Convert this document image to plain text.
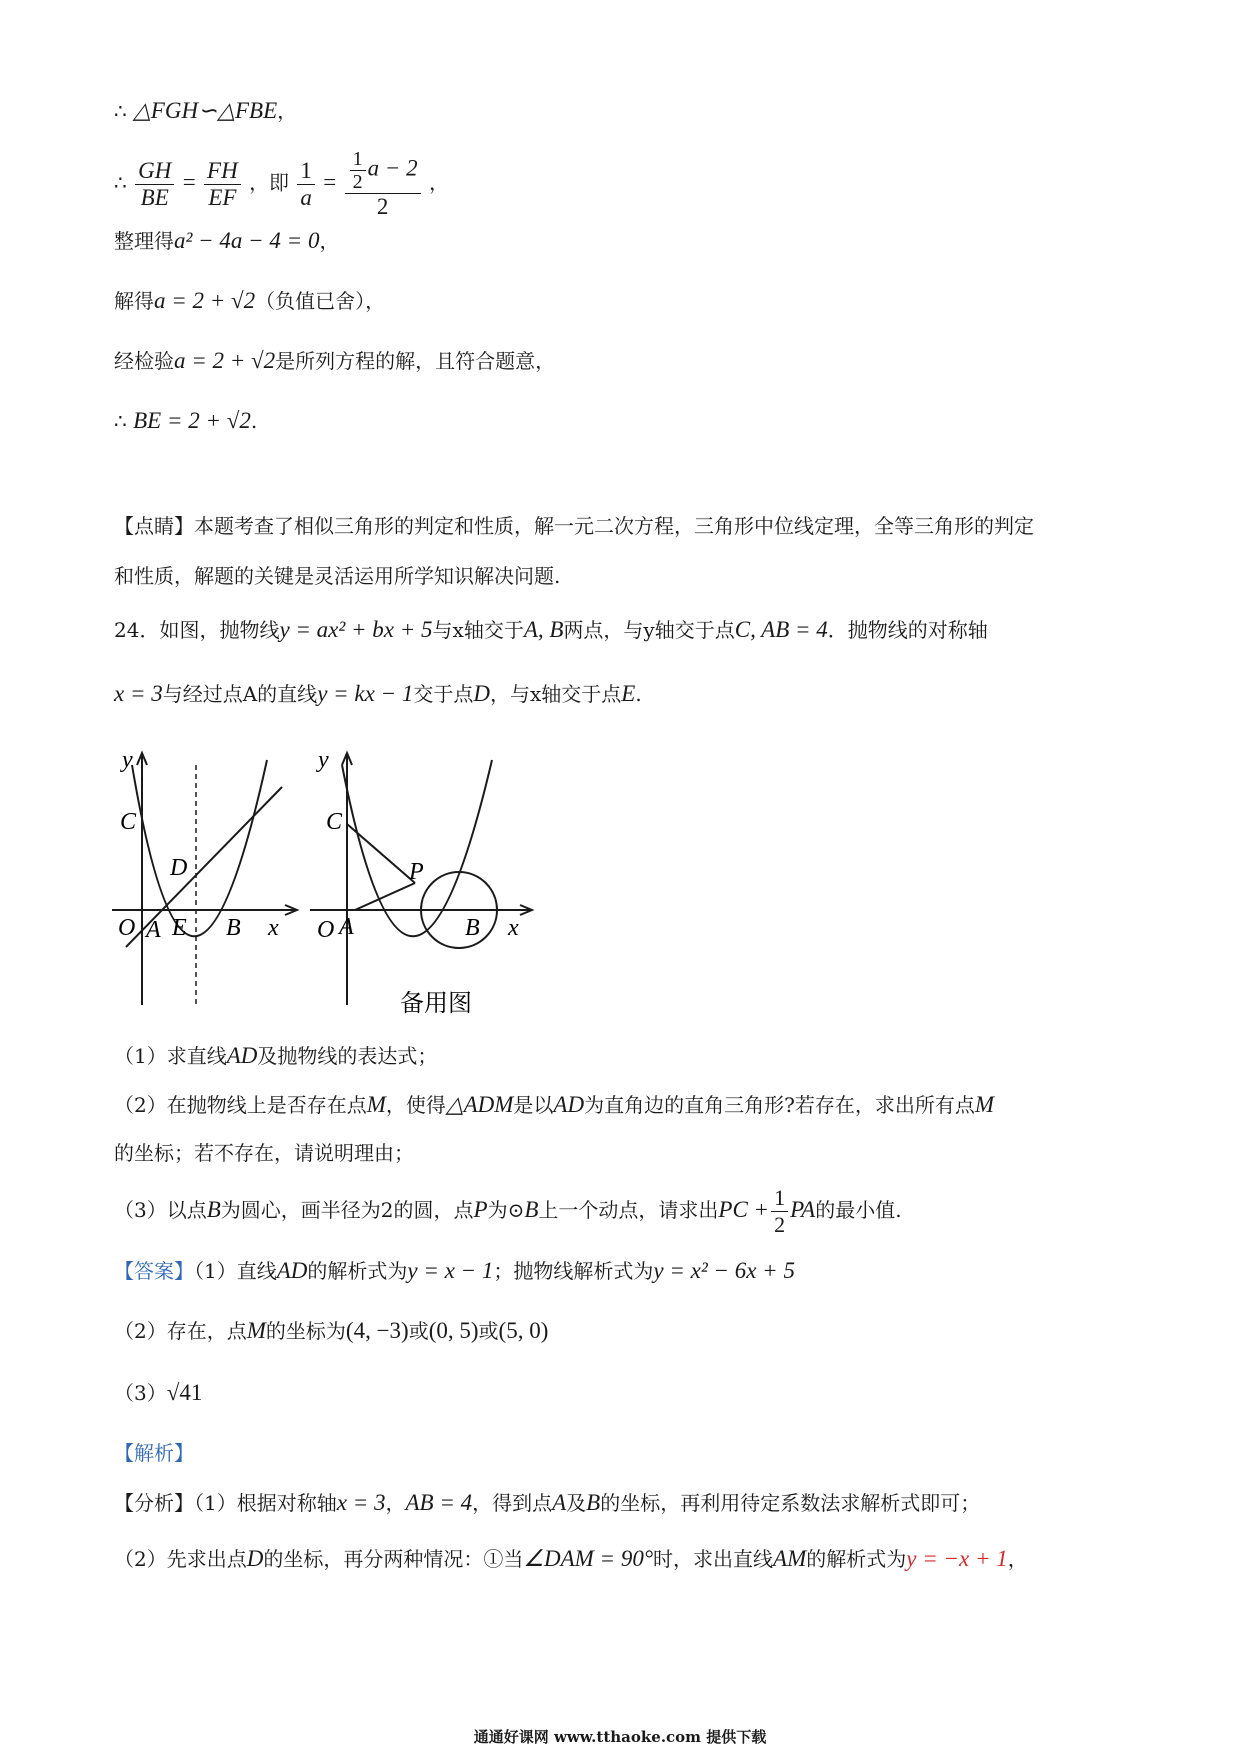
∴ △FGH∽△FBE，
∴ $\frac{GH}{BE} = \frac{FH}{EF}$ ，即 $\frac{1}{a} = \frac{\frac{1}{2} a - 2}{2}$ ，
整理得a² − 4a − 4 = 0，
解得a = 2 + √2（负值已舍），
经检验a = 2 + √2是所列方程的解，且符合题意，
∴ BE = 2 + √2.
【点睛】本题考查了相似三角形的判定和性质，解一元二次方程，三角形中位线定理，全等三角形的判定
和性质，解题的关键是灵活运用所学知识解决问题.
24．如图，抛物线y = ax² + bx + 5与x轴交于A, B两点，与y轴交于点C, AB = 4．抛物线的对称轴
x = 3与经过点A的直线y = kx − 1交于点D，与x轴交于点E.
y
x
O A E B
C
D
y
x
O A	B
C
P
备用图
（1）求直线AD及抛物线的表达式；
（2）在抛物线上是否存在点M，使得△ADM是以AD为直角边的直角三角形?若存在，求出所有点M
的坐标；若不存在，请说明理由；
（3）以点B为圆心，画半径为2的圆，点P为⊙B上一个动点，请求出PC + $\frac{1}{2}$ PA的最小值.
【答案】（1）直线AD的解析式为y = x − 1；抛物线解析式为y = x² − 6x + 5
（2）存在，点M的坐标为(4, −3)或(0, 5)或(5, 0)
（3）√41
【解析】
【分析】（1）根据对称轴x = 3，AB = 4，得到点A及B的坐标，再利用待定系数法求解析式即可；
（2）先求出点D的坐标，再分两种情况：①当∠DAM = 90°时，求出直线AM的解析式为y = −x + 1，
通通好课网 www.tthaoke.com 提供下载
